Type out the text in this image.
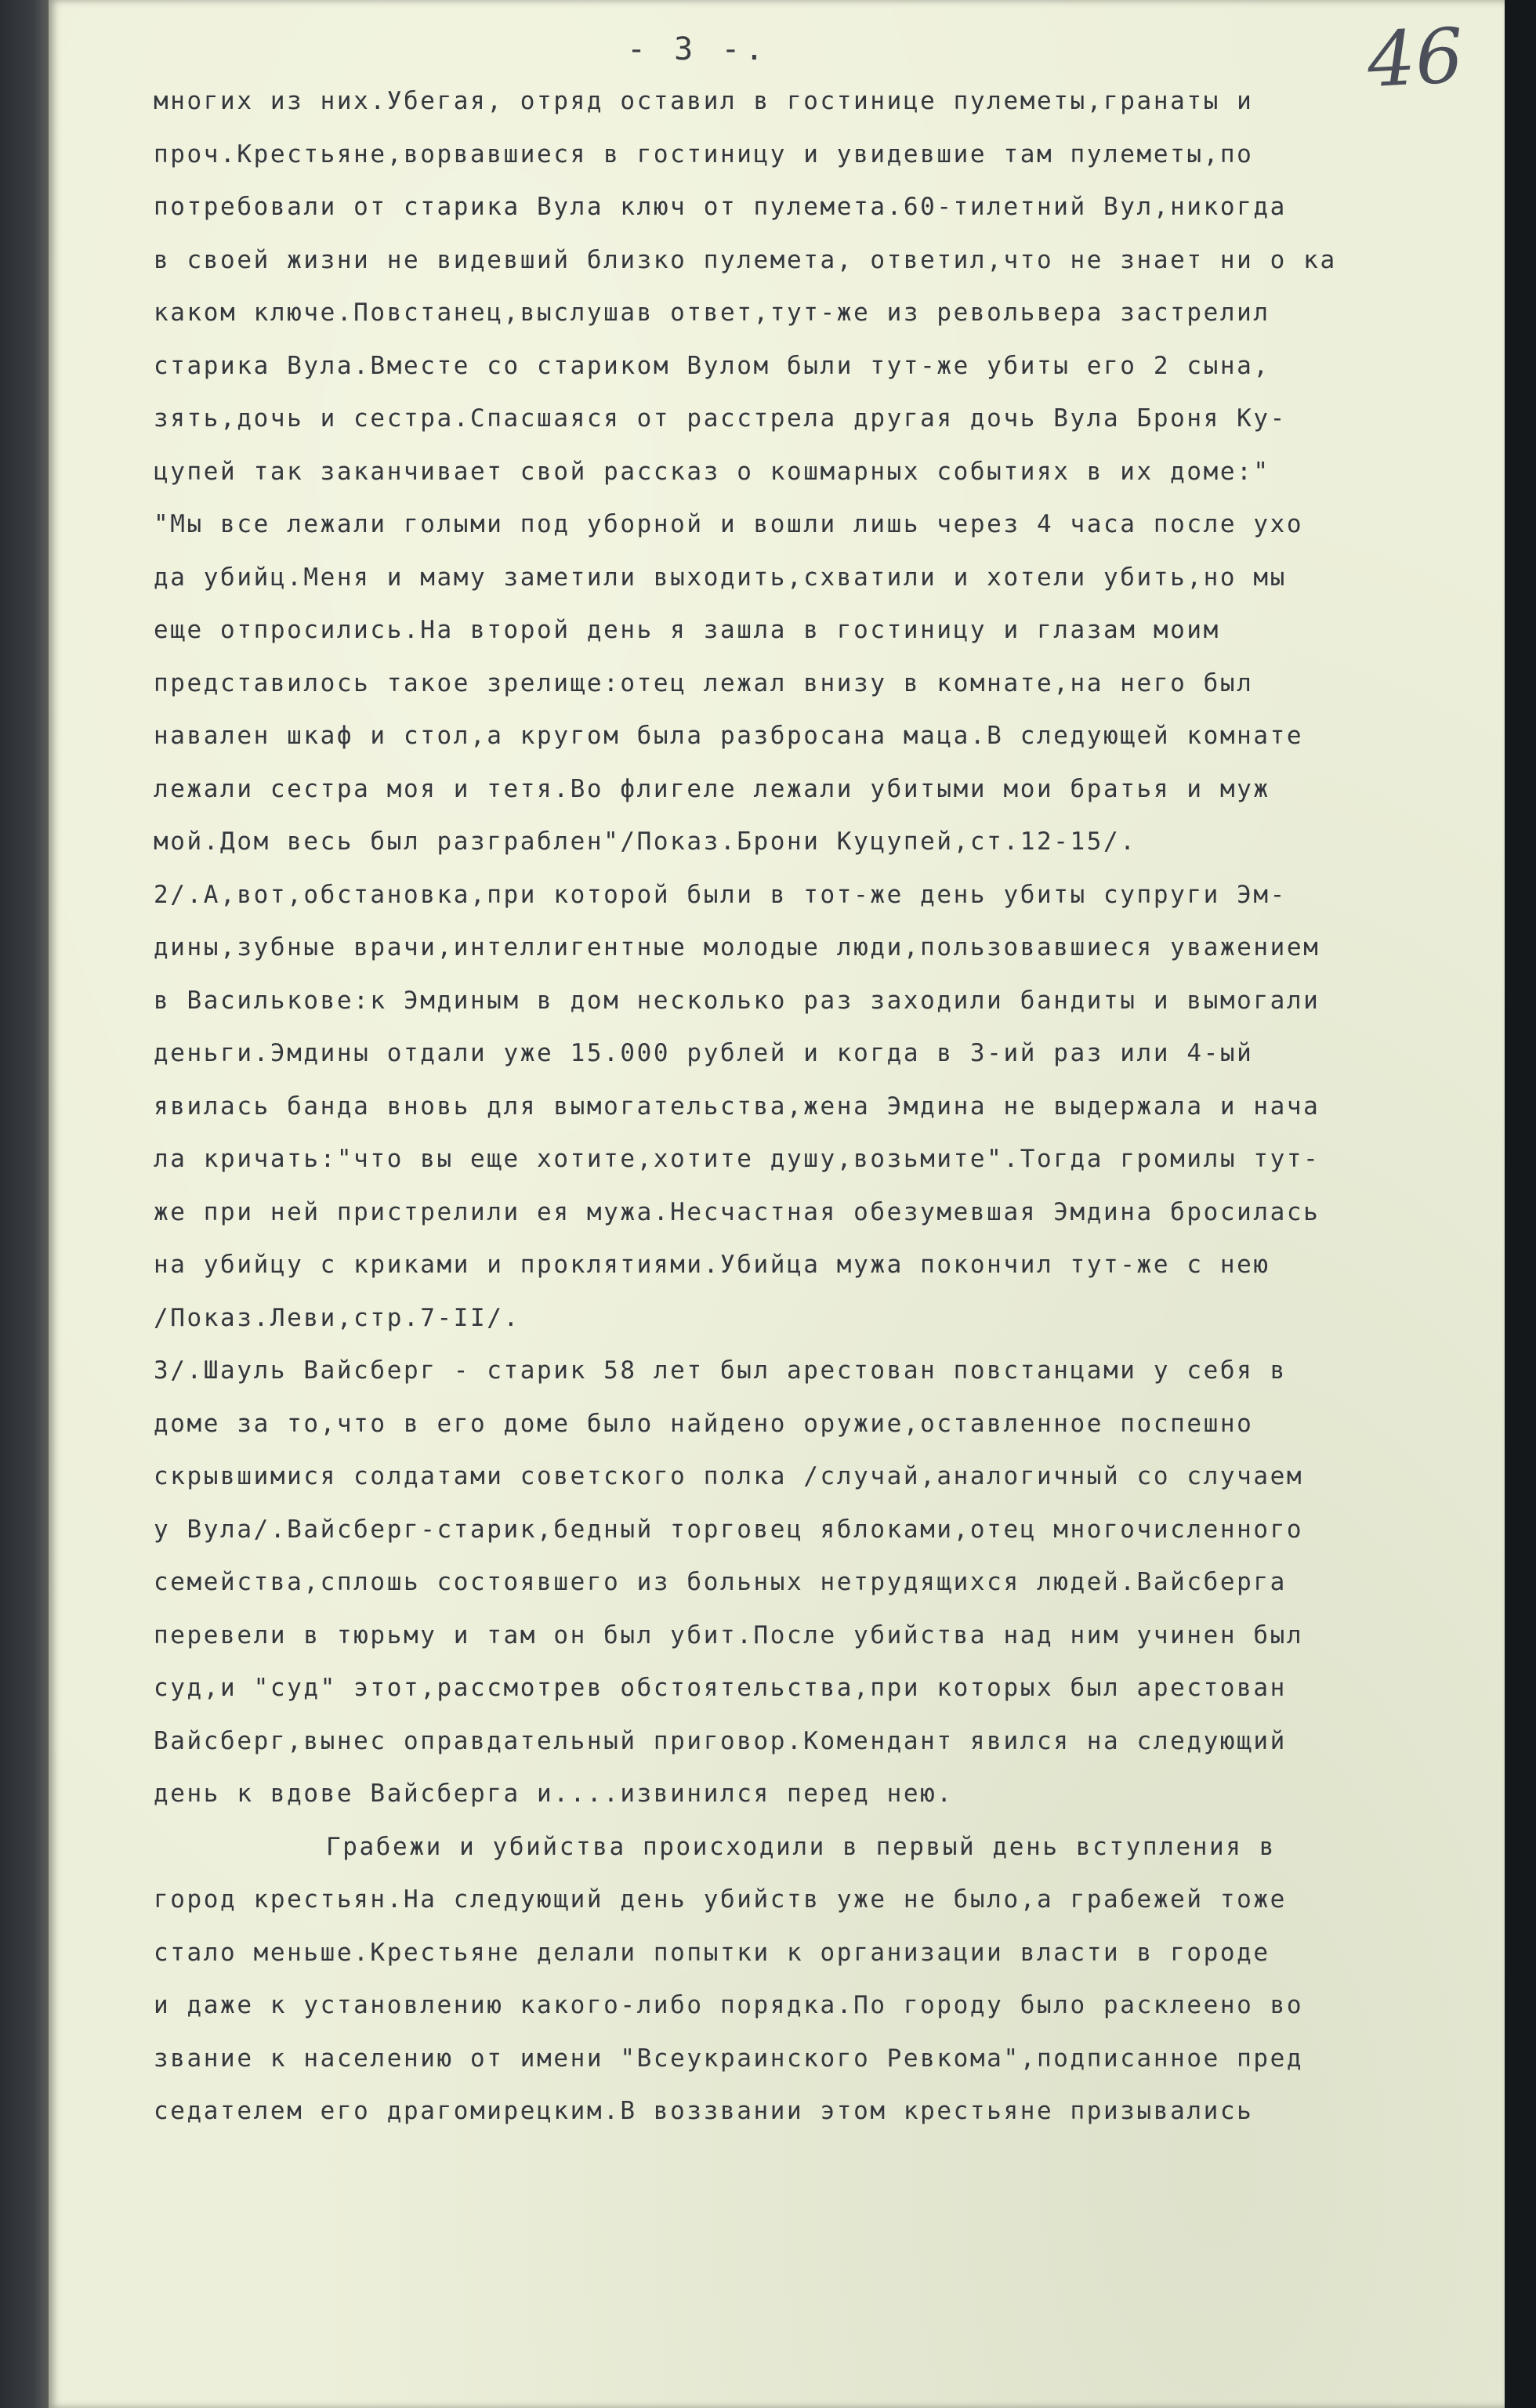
- 3 -.	46
многих из них.Убегая, отряд оставил в гостинице пулеметы,гранаты и
проч.Крестьяне,ворвавшиеся в гостиницу и увидевшие там пулеметы,по
потребовали от старика Вула ключ от пулемета.60-тилетний Вул,никогда
в своей жизни не видевший близко пулемета, ответил,что не знает ни о ка
каком ключе.Повстанец,выслушав ответ,тут-же из револьвера застрелил
старика Вула.Вместе со стариком Вулом были тут-же убиты его 2 сына,
зять,дочь и сестра.Спасшаяся от расстрела другая дочь Вула Броня Ку-
цупей так заканчивает свой рассказ о кошмарных событиях в их доме:"
"Мы все лежали голыми под уборной и вошли лишь через 4 часа после ухо
да убийц.Меня и маму заметили выходить,схватили и хотели убить,но мы
еще отпросились.На второй день я зашла в гостиницу и глазам моим
представилось такое зрелище:отец лежал внизу в комнате,на него был
навален шкаф и стол,а кругом была разбросана маца.В следующей комнате
лежали сестра моя и тетя.Во флигеле лежали убитыми мои братья и муж
мой.Дом весь был разграблен"/Показ.Брони Куцупей,ст.12-15/.
2/.А,вот,обстановка,при которой были в тот-же день убиты супруги Эм-
дины,зубные врачи,интеллигентные молодые люди,пользовавшиеся уважением
в Василькове:к Эмдиным в дом несколько раз заходили бандиты и вымогали
деньги.Эмдины отдали уже 15.000 рублей и когда в 3-ий раз или 4-ый
явилась банда вновь для вымогательства,жена Эмдина не выдержала и нача
ла кричать:"что вы еще хотите,хотите душу,возьмите".Тогда громилы тут-
же при ней пристрелили ея мужа.Несчастная обезумевшая Эмдина бросилась
на убийцу с криками и проклятиями.Убийца мужа покончил тут-же с нею
/Показ.Леви,стр.7-II/.
3/.Шауль Вайсберг - старик 58 лет был арестован повстанцами у себя в
доме за то,что в его доме было найдено оружие,оставленное поспешно
скрывшимися солдатами советского полка /случай,аналогичный со случаем
у Вула/.Вайсберг-старик,бедный торговец яблоками,отец многочисленного
семейства,сплошь состоявшего из больных нетрудящихся людей.Вайсберга
перевели в тюрьму и там он был убит.После убийства над ним учинен был
суд,и "суд" этот,рассмотрев обстоятельства,при которых был арестован
Вайсберг,вынес оправдательный приговор.Комендант явился на следующий
день к вдове Вайсберга и....извинился перед нею.
Грабежи и убийства происходили в первый день вступления в
город крестьян.На следующий день убийств уже не было,а грабежей тоже
стало меньше.Крестьяне делали попытки к организации власти в городе
и даже к установлению какого-либо порядка.По городу было расклеено во
звание к населению от имени "Всеукраинского Ревкома",подписанное пред
седателем его драгомирецким.В воззвании этом крестьяне призывались
